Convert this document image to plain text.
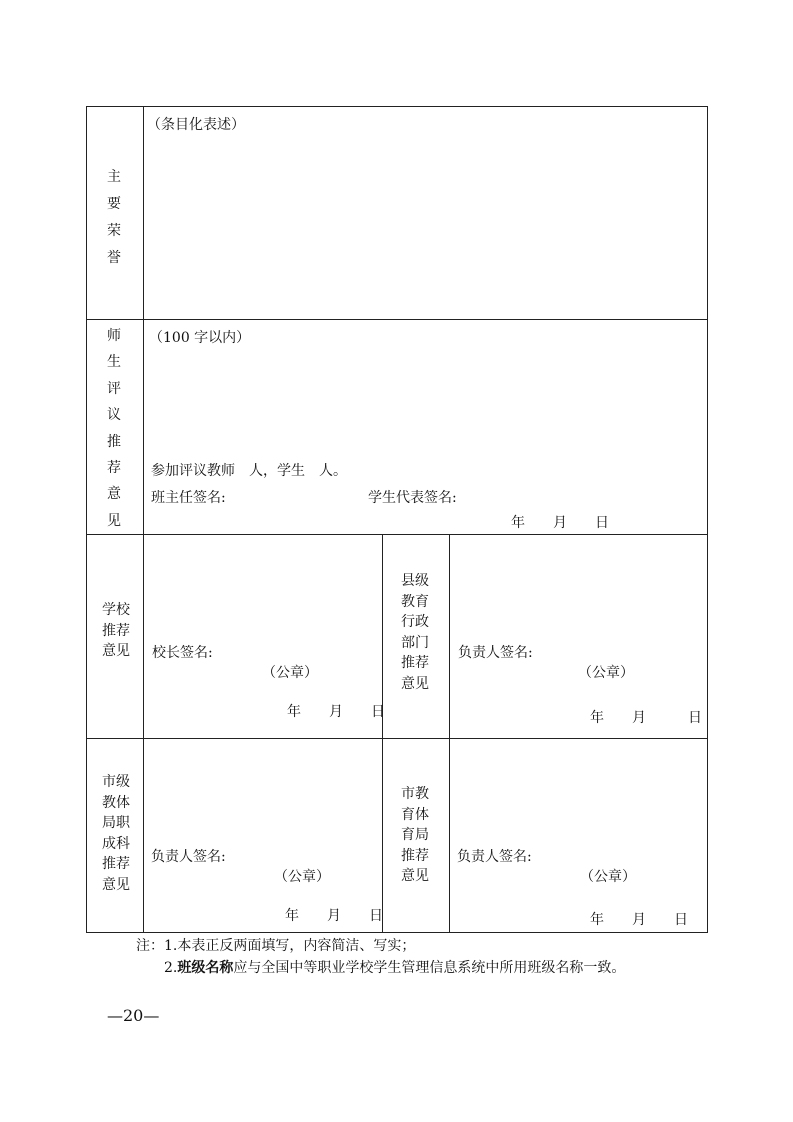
主
要
荣
誉
（条目化表述）
师
生
评
议
推
荐
意
见
（100 字以内）
参加评议教师　人，学生　人。
班主任签名:	学生代表签名:
年　　月　　日
学校
推荐
意见	校长签名:
（公章）
年　　月　　日
县级
教育
行政
部门
推荐
意见
负责人签名:
（公章）
年　　月　　　日
市级
教体
局职
成科
推荐
意见
负责人签名:
（公章）
年　　月　　日
市教
育体
育局
推荐
意见
负责人签名:
（公章）
年　　月　　日
注：1.本表正反两面填写，内容简洁、写实；
2.班级名称应与全国中等职业学校学生管理信息系统中所用班级名称一致。
—20—
